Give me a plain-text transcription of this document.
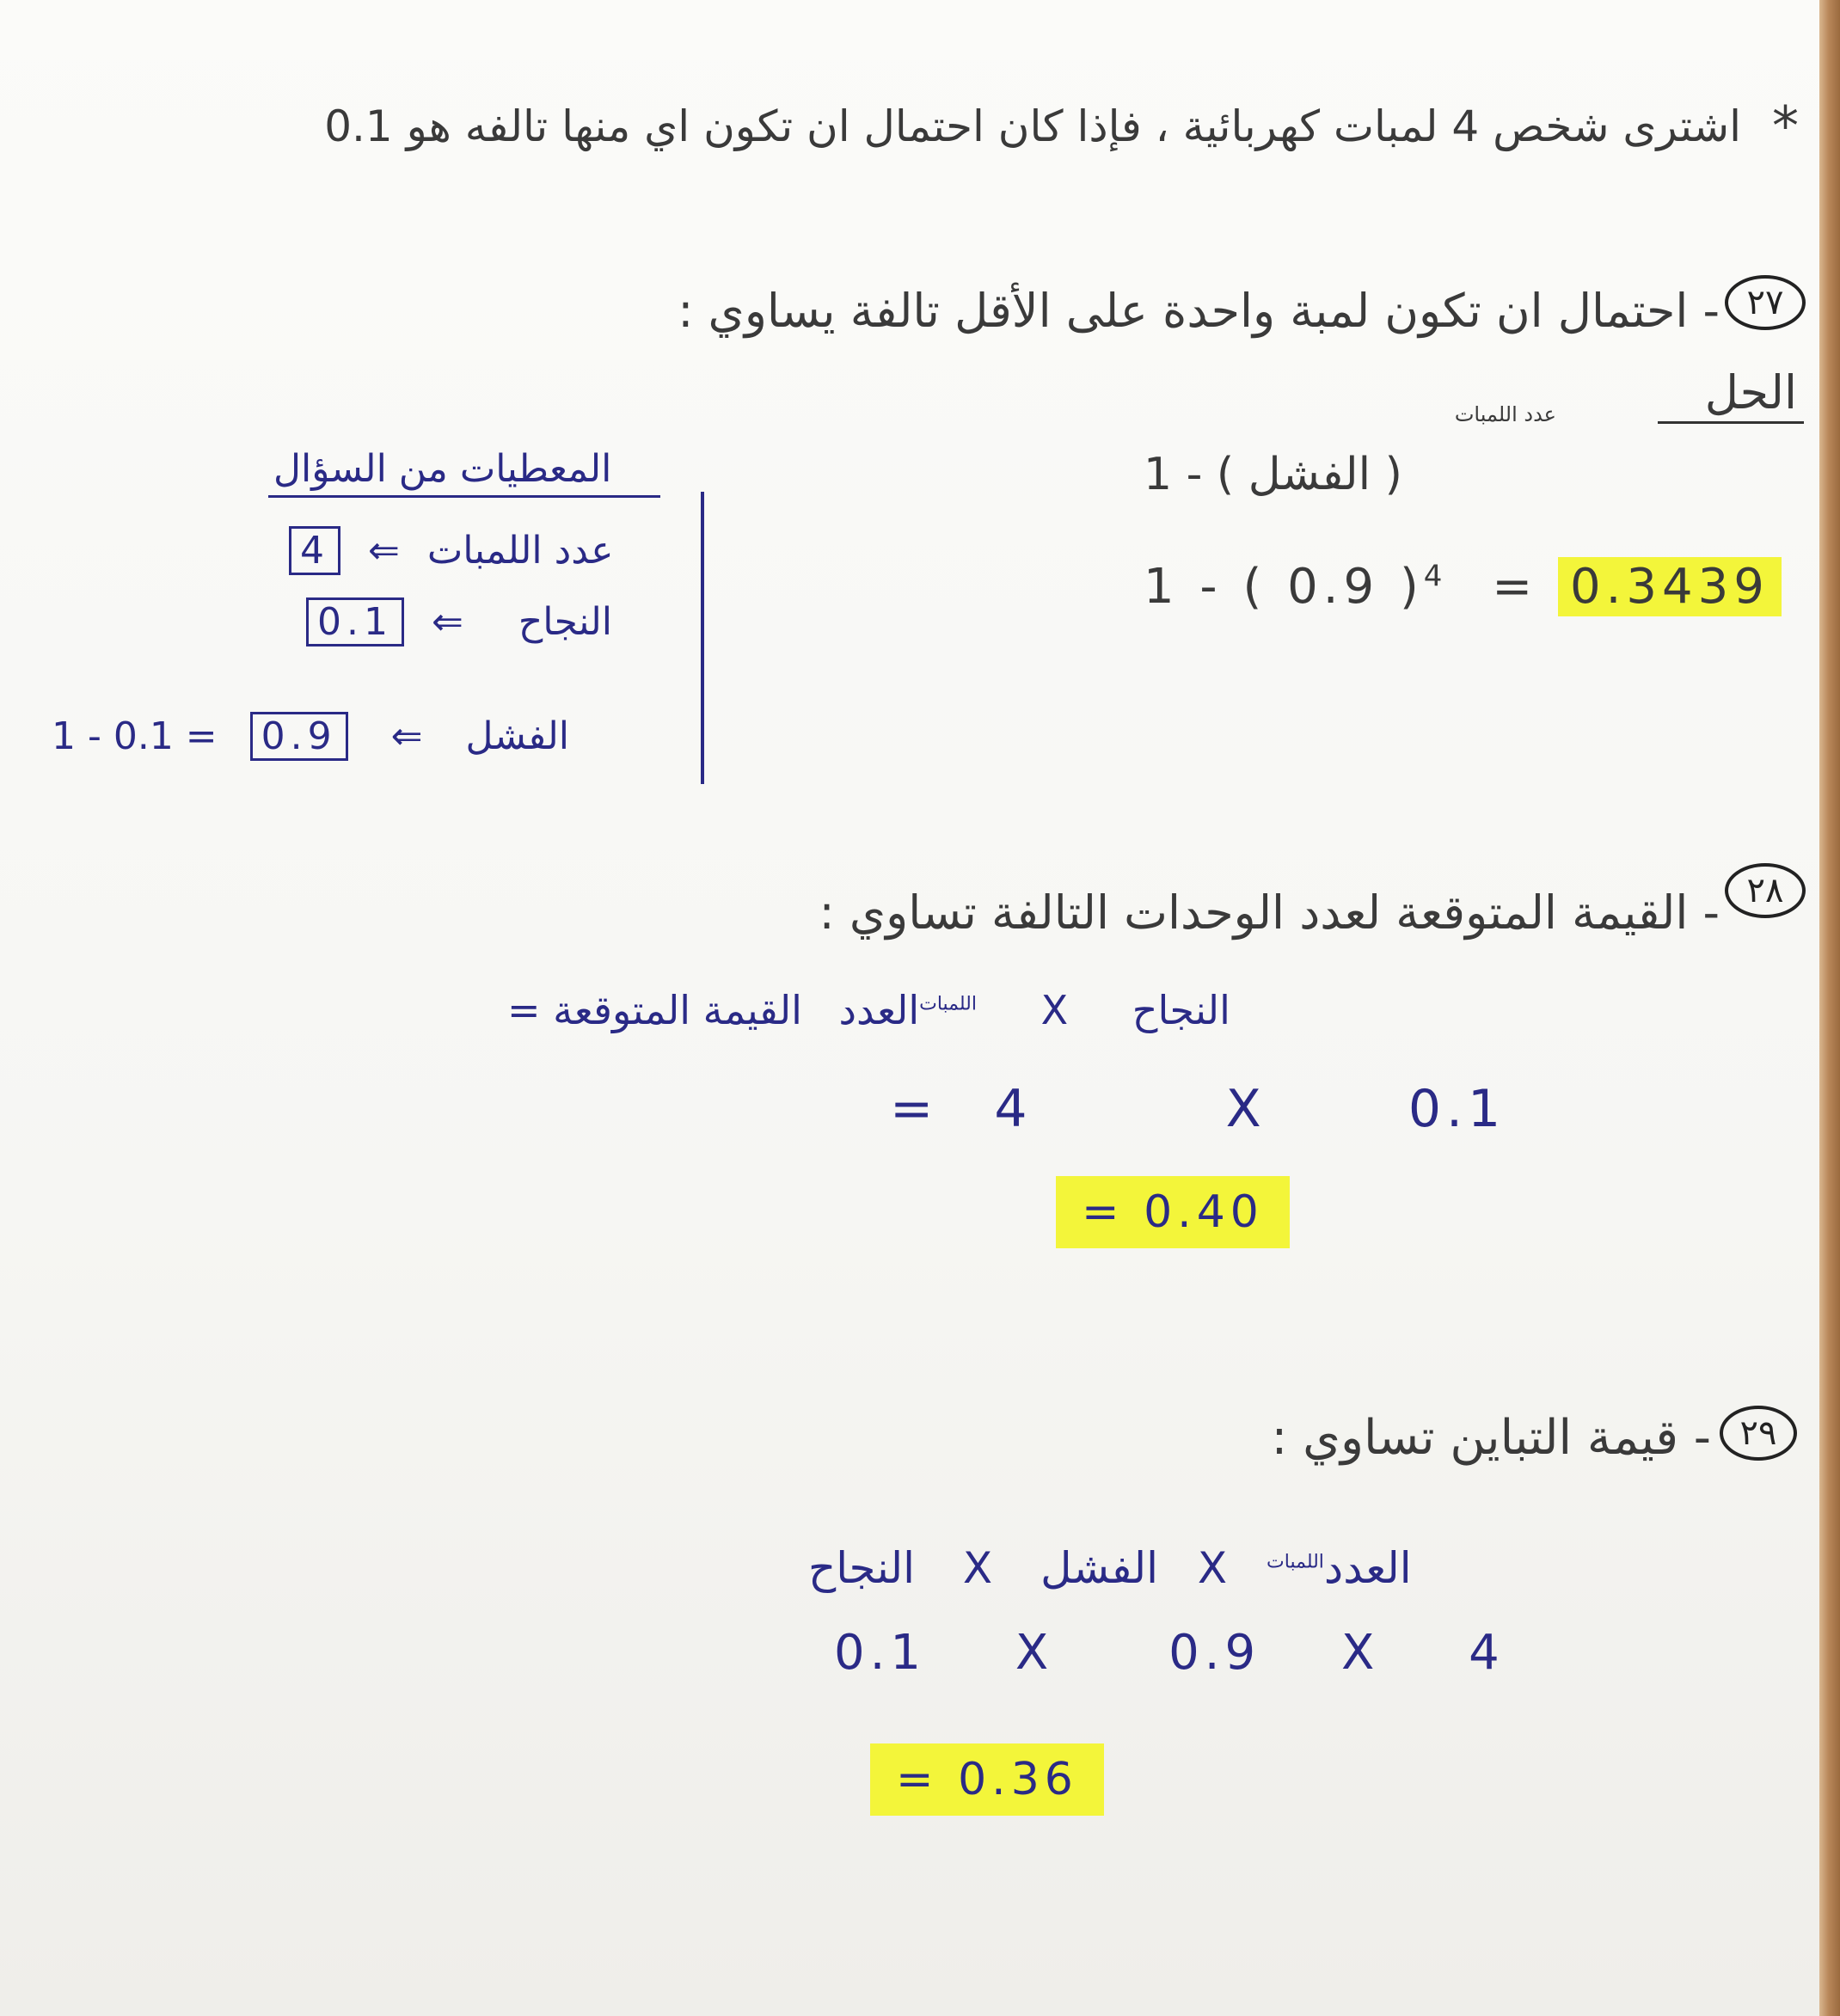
*
اشترى شخص 4 لمبات كهربائية ، فإذا كان احتمال ان تكون اي منها تالفه هو 0.1
٢٧
- احتمال ان تكون لمبة واحدة على الأقل تالفة يساوي :
الحل
عدد اللمبات
1 - ( الفشل )
1 - ( 0.9 )$^4$ = 0.3439
المعطيات من السؤال
4 ⇐ عدد اللمبات
0.1 ⇐ النجاح
1 - 0.1 = 0.9 ⇐ الفشل
٢٨
- القيمة المتوقعة لعدد الوحدات التالفة تساوي :
القيمة المتوقعة = العدد$^{اللمبات}$ X النجاح
= 4	X	0.1
= 0.40
٢٩
- قيمة التباين تساوي :
النجاح X الفشل X $^{اللمبات}$العدد
0.1 X 0.9 X 4
= 0.36
